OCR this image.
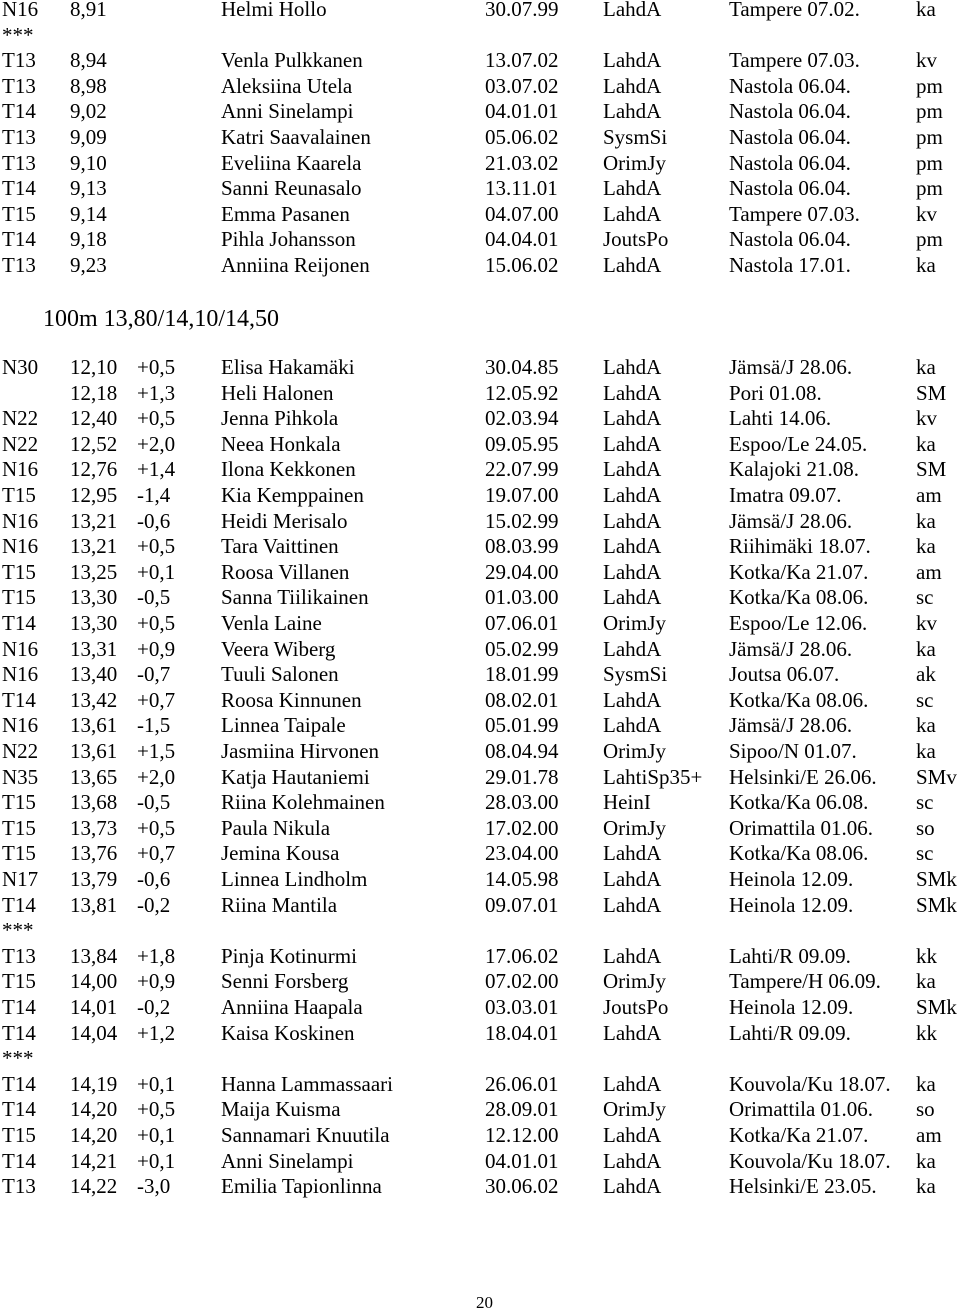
N16 8,91	Helmi Hollo	30.07.99 LahdA	Tampere 07.02.	ka
***
T13 8,94	Venla Pulkkanen	13.07.02 LahdA	Tampere 07.03.	kv
T13 8,98	Aleksiina Utela	03.07.02 LahdA	Nastola 06.04.	pm
T14 9,02	Anni Sinelampi	04.01.01 LahdA	Nastola 06.04.	pm
T13 9,09	Katri Saavalainen	05.06.02 SysmSi	Nastola 06.04.	pm
T13 9,10	Eveliina Kaarela	21.03.02 OrimJy	Nastola 06.04.	pm
T14 9,13	Sanni Reunasalo	13.11.01 LahdA	Nastola 06.04.	pm
T15 9,14	Emma Pasanen	04.07.00 LahdA	Tampere 07.03.	kv
T14 9,18	Pihla Johansson	04.04.01 JoutsPo	Nastola 06.04.	pm
T13 9,23	Anniina Reijonen	15.06.02 LahdA	Nastola 17.01.	ka
100m 13,80/14,10/14,50
N30 12,10 +0,5 Elisa Hakamäki	30.04.85 LahdA	Jämsä/J 28.06.	ka
12,18 +1,3 Heli Halonen	12.05.92 LahdA	Pori 01.08.	SM
N22 12,40 +0,5 Jenna Pihkola	02.03.94 LahdA	Lahti 14.06.	kv
N22 12,52 +2,0 Neea Honkala	09.05.95 LahdA	Espoo/Le 24.05. ka
N16 12,76 +1,4 Ilona Kekkonen	22.07.99 LahdA	Kalajoki 21.08.	SM
T15 12,95 -1,4 Kia Kemppainen	19.07.00 LahdA	Imatra 09.07.	am
N16 13,21 -0,6 Heidi Merisalo	15.02.99 LahdA	Jämsä/J 28.06.	ka
N16 13,21 +0,5 Tara Vaittinen	08.03.99 LahdA	Riihimäki 18.07. ka
T15 13,25 +0,1 Roosa Villanen	29.04.00 LahdA	Kotka/Ka 21.07. am
T15 13,30 -0,5 Sanna Tiilikainen	01.03.00 LahdA	Kotka/Ka 08.06. sc
T14 13,30 +0,5 Venla Laine	07.06.01 OrimJy	Espoo/Le 12.06. kv
N16 13,31 +0,9 Veera Wiberg	05.02.99 LahdA	Jämsä/J 28.06.	ka
N16 13,40 -0,7 Tuuli Salonen	18.01.99 SysmSi	Joutsa 06.07.	ak
T14 13,42 +0,7 Roosa Kinnunen	08.02.01 LahdA	Kotka/Ka 08.06. sc
N16 13,61 -1,5 Linnea Taipale	05.01.99 LahdA	Jämsä/J 28.06.	ka
N22 13,61 +1,5 Jasmiina Hirvonen	08.04.94 OrimJy	Sipoo/N 01.07.	ka
N35 13,65 +2,0 Katja Hautaniemi	29.01.78 LahtiSp35+ Helsinki/E 26.06. SMv
T15 13,68 -0,5 Riina Kolehmainen	28.03.00 HeinI	Kotka/Ka 06.08. sc
T15 13,73 +0,5 Paula Nikula	17.02.00 OrimJy	Orimattila 01.06. so
T15 13,76 +0,7 Jemina Kousa	23.04.00 LahdA	Kotka/Ka 08.06. sc
N17 13,79 -0,6 Linnea Lindholm	14.05.98 LahdA	Heinola 12.09.	SMk
T14 13,81 -0,2 Riina Mantila	09.07.01 LahdA	Heinola 12.09.	SMk
***
T13 13,84 +1,8 Pinja Kotinurmi	17.06.02 LahdA	Lahti/R 09.09.	kk
T15 14,00 +0,9 Senni Forsberg	07.02.00 OrimJy	Tampere/H 06.09. ka
T14 14,01 -0,2 Anniina Haapala	03.03.01 JoutsPo	Heinola 12.09.	SMk
T14 14,04 +1,2 Kaisa Koskinen	18.04.01 LahdA	Lahti/R 09.09.	kk
***
T14 14,19 +0,1 Hanna Lammassaari	26.06.01 LahdA	Kouvola/Ku 18.07. ka
T14 14,20 +0,5 Maija Kuisma	28.09.01 OrimJy	Orimattila 01.06. so
T15 14,20 +0,1 Sannamari Knuutila	12.12.00 LahdA	Kotka/Ka 21.07. am
T14 14,21 +0,1 Anni Sinelampi	04.01.01 LahdA	Kouvola/Ku 18.07. ka
T13 14,22 -3,0 Emilia Tapionlinna	30.06.02 LahdA	Helsinki/E 23.05. ka
20
